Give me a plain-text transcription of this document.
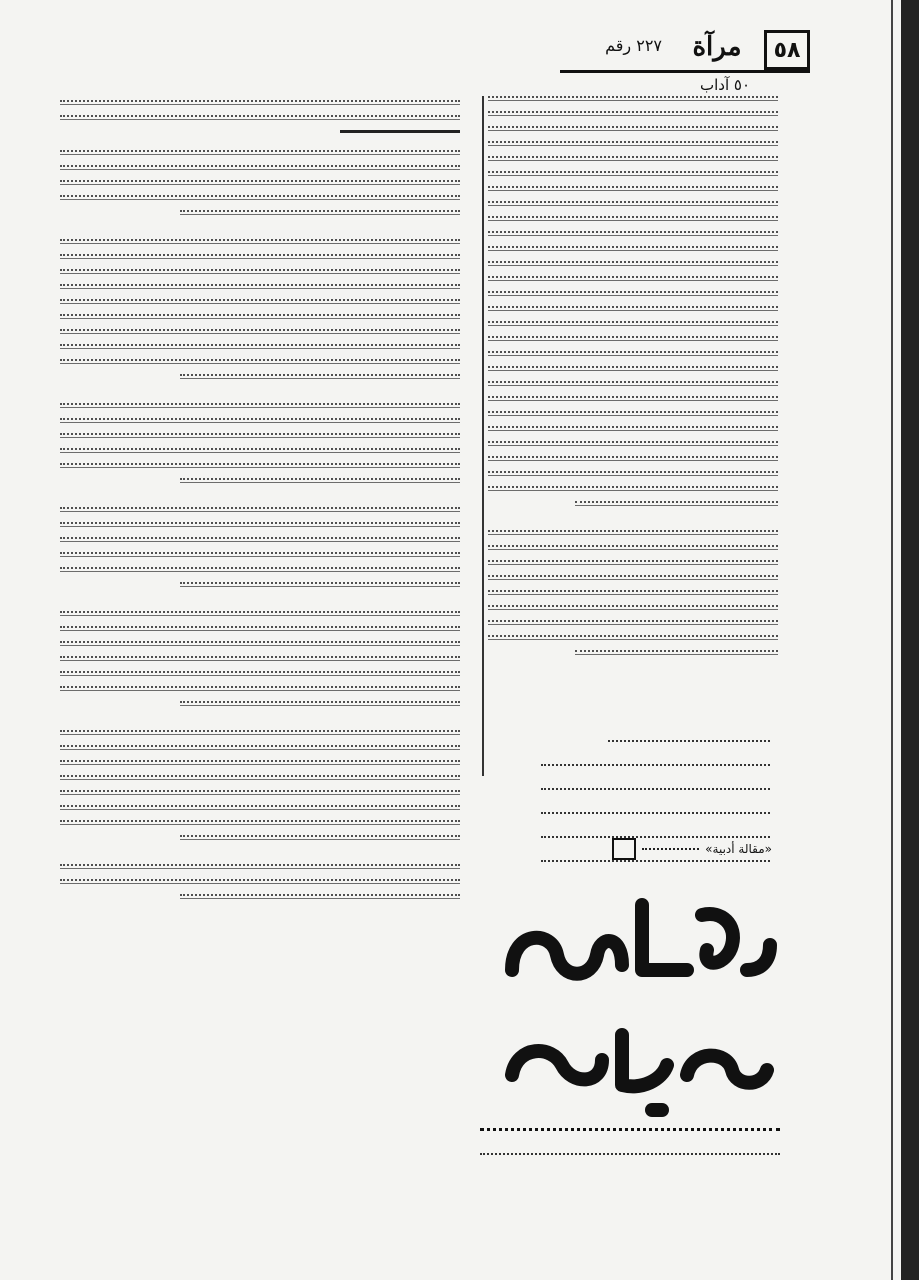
٥٨
مرآة
٢٢٧ رقم
٥٠ آداب
«مقالة أدبية»
